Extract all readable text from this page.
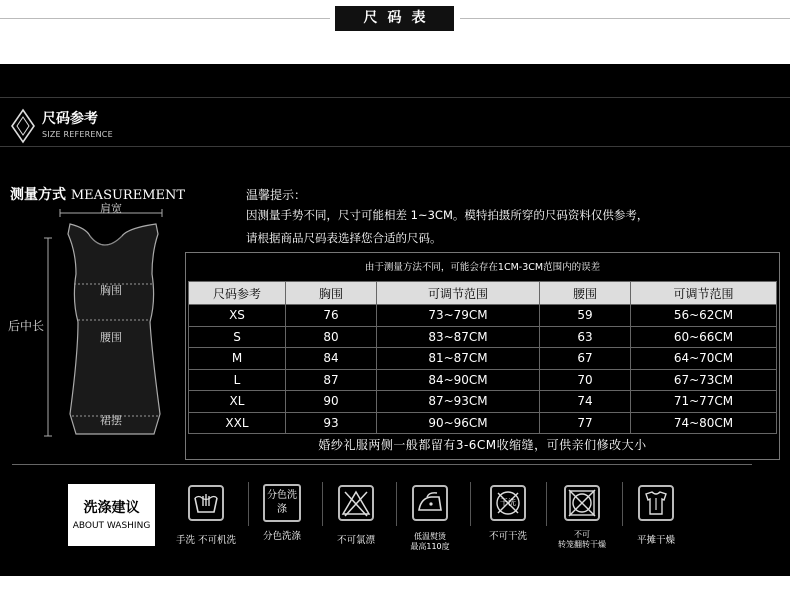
尺码表
尺码参考
SIZE REFERENCE
测量方式 MEASUREMENT
肩宽
胸围
腰围
后中长
裙摆
温馨提示：
因测量手势不同，尺寸可能相差 1~3CM。模特拍摄所穿的尺码资料仅供参考，
请根据商品尺码表选择您合适的尺码。
由于测量方法不同，可能会存在1CM-3CM范围内的误差
尺码参考	胸围	可调节范围	腰围	可调节范围
XS	76	73~79CM	59	56~62CM
S	80	83~87CM	63	60~66CM
M	84	81~87CM	67	64~70CM
L	87	84~90CM	70	67~73CM
XL	90	87~93CM	74	71~77CM
XXL	93	90~96CM	77	74~80CM
婚纱礼服两侧一般都留有3-6CM收缩缝，可供亲们修改大小
洗涤建议
ABOUT WASHING
手洗 不可机洗
分色洗涤
分色洗涤	不可氯漂	低温熨烫
最高110度
干洗
不可干洗	不可
转笼翻转干燥	平摊干燥
